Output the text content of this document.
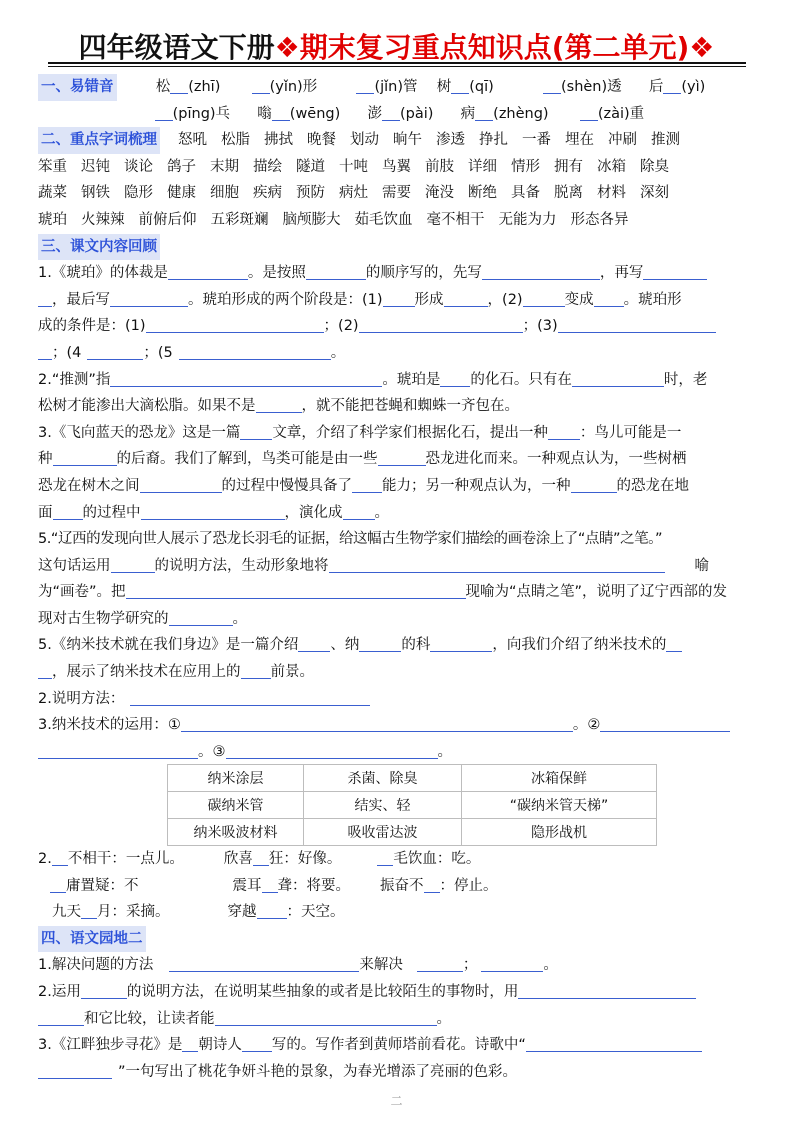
四年级语文下册❖期末复习重点知识点(第二单元)❖
一、易错音	松 (zhī)	(yǐn)形	(jǐn)管 树 (qī)	(shèn)透 后 (yì)
(pīng)乓 嗡 (wēng) 澎 (pài) 病 (zhèng)	(zài)重
二、重点字词梳理 怒吼 松脂 拂拭 晚餐 划动 晌午 渗透 挣扎 一番 埋在 冲刷 推测
笨重 迟钝 谈论 鸽子 末期 描绘 隧道 十吨 鸟翼 前肢 详细 情形 拥有 冰箱 除臭
蔬菜 钢铁 隐形 健康 细胞 疾病 预防 病灶 需要 淹没 断绝 具备 脱离 材料 深刻
琥珀 火辣辣 前俯后仰 五彩斑斓 脑颅膨大 茹毛饮血 毫不相干 无能为力 形态各异
三、课文内容回顾
1.《琥珀》的体裁是	。是按照	的顺序写的，先写	，再写
，最后写	。琥珀形成的两个阶段是：(1) 形成	，(2)	变成 。琥珀形
成的条件是：(1)	；(2)	；(3)
；(4	；(5	。
2.“推测”指	。琥珀是 的化石。只有在	时，老
松树才能渗出大滴松脂。如果不是	，就不能把苍蝇和蜘蛛一齐包在。
3.《飞向蓝天的恐龙》这是一篇 文章，介绍了科学家们根据化石，提出一种 ：鸟儿可能是一
种	的后裔。我们了解到，鸟类可能是由一些	恐龙进化而来。一种观点认为，一些树栖
恐龙在树木之间	的过程中慢慢具备了 能力；另一种观点认为，一种	的恐龙在地
面 的过程中	，演化成 。
5.“辽西的发现向世人展示了恐龙长羽毛的证据，给这幅古生物学家们描绘的画卷涂上了“点睛”之笔。”
这句话运用	的说明方法，生动形象地将	喻
为“画卷”。把	现喻为“点睛之笔”，说明了辽宁西部的发
现对古生物学研究的	。
5.《纳米技术就在我们身边》是一篇介绍 、纳	的科	，向我们介绍了纳米技术的
，展示了纳米技术在应用上的 前景。
2.说明方法：
3.纳米技术的运用：①	。②
。③	。
纳米涂层	杀菌、除臭	冰箱保鲜
碳纳米管	结实、轻	“碳纳米管天梯”
纳米吸波材料	吸收雷达波	隐形战机
2. 不相干：一点儿。	欣喜 狂：好像。	毛饮血：吃。
庸置疑：不	震耳 聋：将要。 振奋不 ：停止。
九天 月：采摘。	穿越 ：天空。
四、语文园地二
1.解决问题的方法	来解决	；	。
2.运用	的说明方法，在说明某些抽象的或者是比较陌生的事物时，用
和它比较，让读者能	。
3.《江畔独步寻花》是 朝诗人 写的。写作者到黄师塔前看花。诗歌中“
”一句写出了桃花争妍斗艳的景象，为春光增添了亮丽的色彩。
二
